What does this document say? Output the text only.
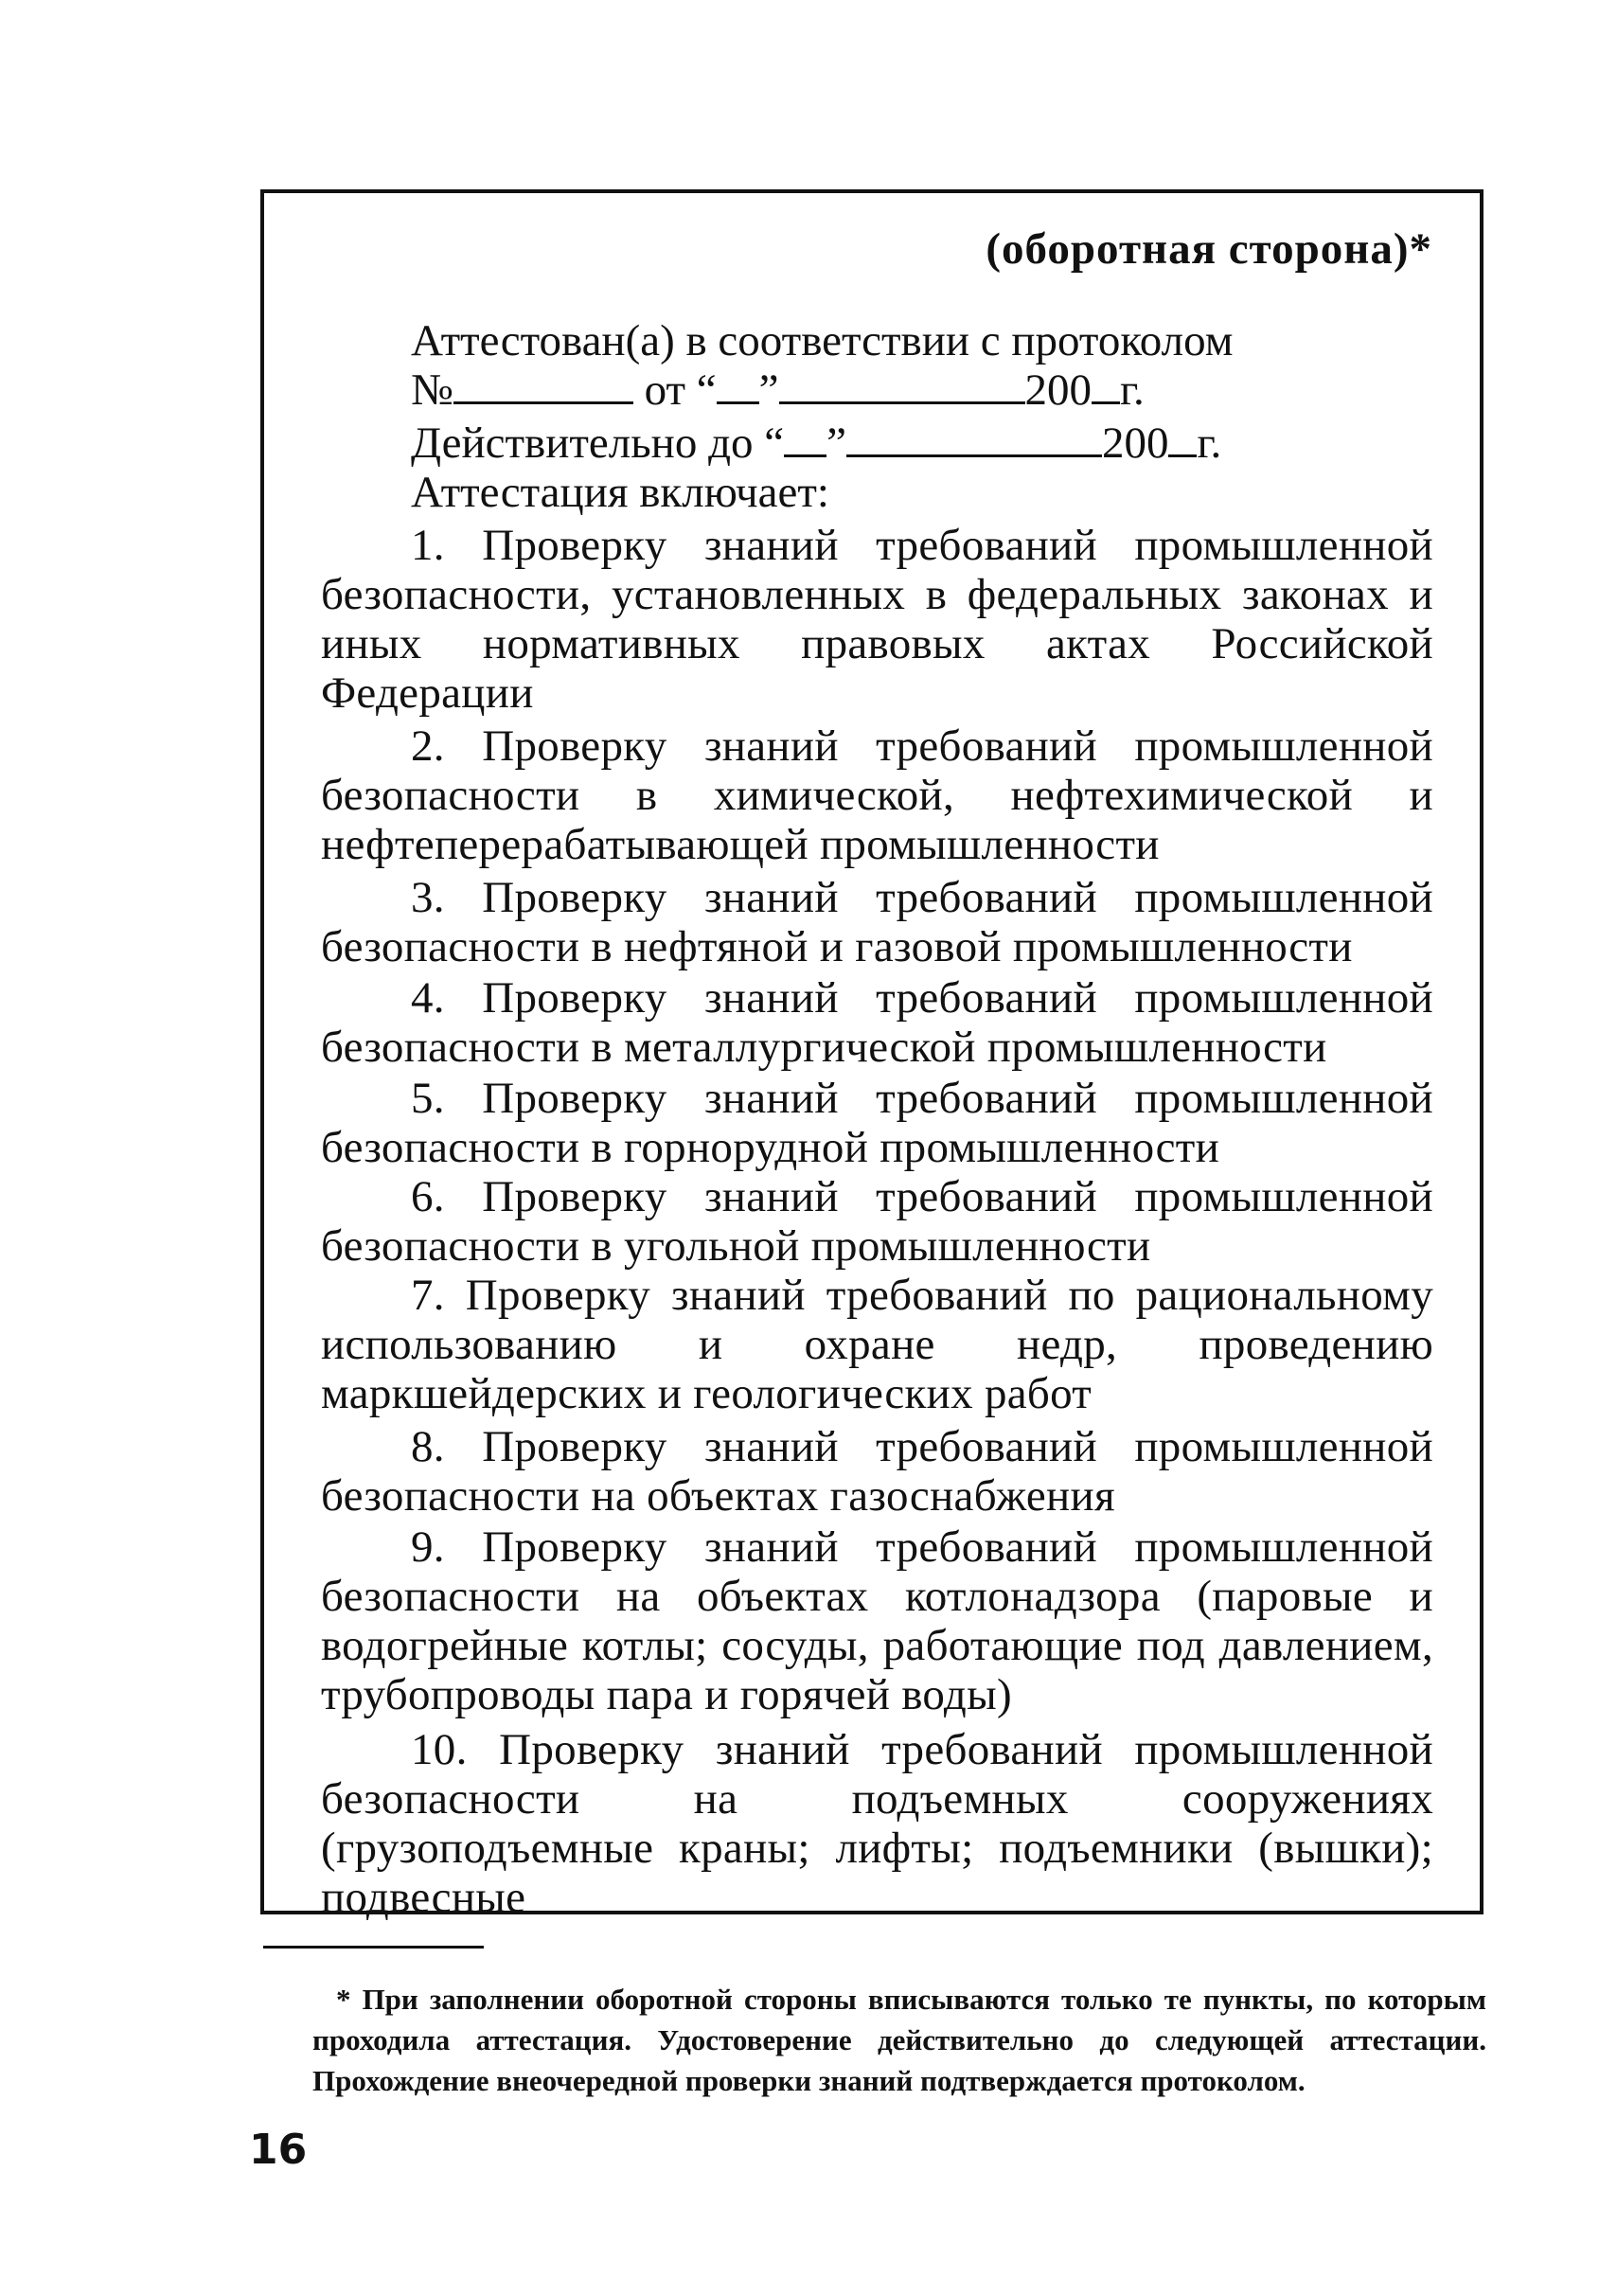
(оборотная сторона)*
Аттестован(а) в соответствии с протоколом
№	от “ ”	200 г.
Действительно до “ ”	200 г.
Аттестация включает:
1. Проверку знаний требований промышленной безопасности, установленных в федеральных законах и иных нормативных правовых актах Российской Федерации
2. Проверку знаний требований промышленной безопасности в химической, нефтехимической и нефтеперерабатывающей промышленности
3. Проверку знаний требований промышленной безопасности в нефтяной и газовой промышленности
4. Проверку знаний требований промышленной безопасности в металлургической промышленности
5. Проверку знаний требований промышленной безопасности в горнорудной промышленности
6. Проверку знаний требований промышленной безопасности в угольной промышленности
7. Проверку знаний требований по рациональному использованию и охране недр, проведению маркшейдерских и геологических работ
8. Проверку знаний требований промышленной безопасности на объектах газоснабжения
9. Проверку знаний требований промышленной безопасности на объектах котлонадзора (паровые и водогрейные котлы; сосуды, работающие под давлением, трубопроводы пара и горячей воды)
10. Проверку знаний требований промышленной безопасности на подъемных сооружениях (грузоподъемные краны; лифты; подъемники (вышки); подвесные
* При заполнении оборотной стороны вписываются только те пункты, по которым проходила аттестация. Удостоверение действительно до следующей аттестации. Прохождение внеочередной проверки знаний подтверждается протоколом.
16
